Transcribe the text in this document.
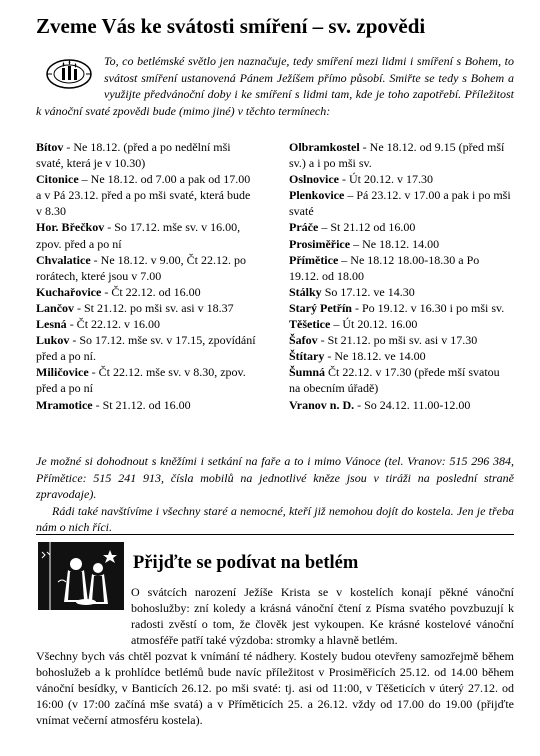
Zveme Vás ke svátosti smíření – sv. zpovědi
To, co betlémské světlo jen naznačuje, tedy smíření mezi lidmi i smíření s Bohem, to svátost smíření ustanovená Pánem Ježíšem přímo působí. Smiřte se tedy s Bohem a využijte předvánoční doby i ke smíření s lidmi tam, kde je toho zapotřebí. Příležitost k vánoční svaté zpovědi bude (mimo jiné) v těchto termínech:
Bítov - Ne 18.12. (před a po nedělní mši svaté, která je v 10.30)
Citonice – Ne 18.12. od 7.00 a pak od 17.00 a v Pá 23.12. před a po mši svaté, která bude v 8.30
Hor. Břečkov - So 17.12. mše sv. v 16.00, zpov. před a po ní
Chvalatice - Ne 18.12. v 9.00, Čt 22.12. po rorátech, které jsou v 7.00
Kuchařovice - Čt 22.12. od 16.00
Lančov - St 21.12. po mši sv. asi v 18.37
Lesná - Čt 22.12. v 16.00
Lukov - So 17.12. mše sv. v 17.15, zpovídání před a po ní.
Miličovice - Čt 22.12. mše sv. v 8.30, zpov. před a po ní
Mramotice - St 21.12. od 16.00
Olbramkostel - Ne 18.12. od 9.15 (před mší sv.) a i po mši sv.
Oslnovice - Út 20.12. v 17.30
Plenkovice – Pá 23.12. v 17.00 a pak i po mši svaté
Práče – St 21.12 od 16.00
Prosiměřice – Ne 18.12. 14.00
Přímětice – Ne 18.12 18.00-18.30 a Po 19.12. od 18.00
Stálky So 17.12. ve 14.30
Starý Petřín - Po 19.12. v 16.30 i po mši sv.
Těšetice – Út 20.12. 16.00
Šafov - St 21.12. po mši sv. asi v 17.30
Štítary - Ne 18.12. ve 14.00
Šumná Čt 22.12. v 17.30 (přede mší svatou na obecním úřadě)
Vranov n. D. - So 24.12. 11.00-12.00
Je možné si dohodnout s kněžími i setkání na faře a to i mimo Vánoce (tel. Vranov: 515 296 384, Přímětice: 515 241 913, čísla mobilů na jednotlivé kněze jsou v tiráži na poslední straně zpravodaje).
Rádi také navštívíme i všechny staré a nemocné, kteří již nemohou dojít do kostela. Jen je třeba nám o nich říci.
Přijďte se podívat na betlém
O svátcích narození Ježíše Krista se v kostelích konají pěkné vánoční bohoslužby: zní koledy a krásná vánoční čtení z Písma svatého povzbuzují k radosti zvěstí o tom, že člověk jest vykoupen. Ke krásné kostelové vánoční atmosféře patří také výzdoba: stromky a hlavně betlém.
Všechny bych vás chtěl pozvat k vnímání té nádhery. Kostely budou otevřeny samozřejmě během bohoslužeb a k prohlídce betlémů bude navíc příležitost v Prosiměřicích 25.12. od 14.00 během vánoční besídky, v Banticích 26.12. po mši svaté: tj. asi od 11:00, v Těšeticích v úterý 27.12. od 16:00 (v 17:00 začíná mše svatá) a v Příměticích 25. a 26.12. vždy od 17.00 do 19.00 (přijďte vnímat večerní atmosféru kostela).
